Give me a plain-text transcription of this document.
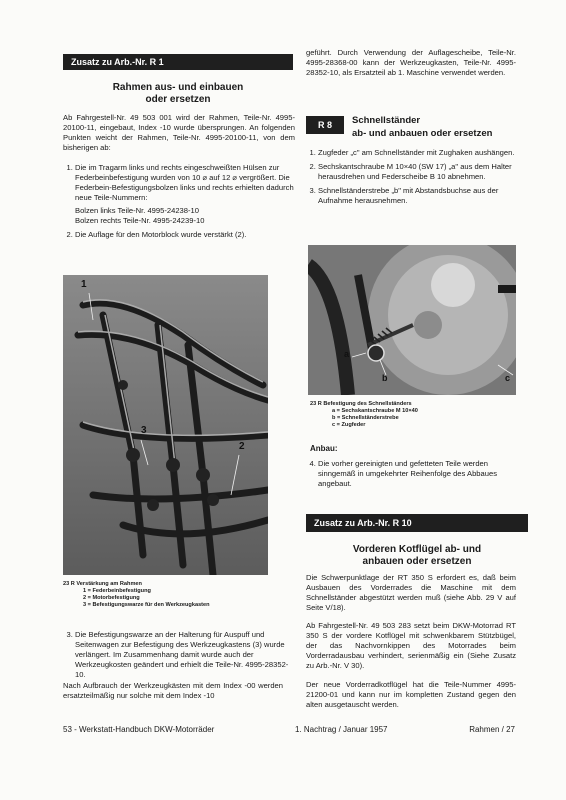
Zusatz zu Arb.-Nr. R 1
Rahmen aus- und einbauen
oder ersetzen

Ab Fahrgestell-Nr. 49 503 001 wird der Rahmen, Teile-Nr. 4995-20100-11, eingebaut, Index -10 wurde übersprungen. An folgenden Punkten weicht der Rahmen, Teile-Nr. 4995-20100-11, von dem bisherigen ab:

1. Die im Tragarm links und rechts eingeschweißten Hülsen zur Federbeinbefestigung wurden von 10 ⌀ auf 12 ⌀ vergrößert. Die Federbein-Befestigungsbolzen links und rechts erhielten dadurch neue Teile-Nummern:
Bolzen links Teile-Nr. 4995-24238-10
Bolzen rechts Teile-Nr. 4995-24239-10
2. Die Auflage für den Motorblock wurde verstärkt (2).
1
2
3
23 R Verstärkung am Rahmen
1 = Federbeinbefestigung
2 = Motorbefestigung
3 = Befestigungswarze für den Werkzeugkasten
3. Die Befestigungswarze an der Halterung für Auspuff und Seitenwagen zur Befestigung des Werkzeugkastens (3) wurde verlängert. Im Zusammenhang damit wurde auch der Werkzeugkosten geändert und erhielt die Teile-Nr. 4995-28352-10.

Nach Aufbrauch der Werkzeugkästen mit dem Index -00 werden ersatzteilmäßig nur solche mit dem Index -10

geführt. Durch Verwendung der Auflagescheibe, Teile-Nr. 4995-28368-00 kann der Werkzeugkasten, Teile-Nr. 4995-28352-10, als Ersatzteil ab 1. Maschine verwendet werden.

R 8	Schnellständer
ab- und anbauen oder ersetzen
1. Zugfeder „c" am Schnellständer mit Zughaken aushängen.
2. Sechskantschraube M 10×40 (SW 17) „a" aus dem Halter herausdrehen und Federscheibe B 10 abnehmen.
3. Schnellständerstrebe „b" mit Abstandsbuchse aus der Aufnahme herausnehmen.
a
b	c
23 R Befestigung des Schnellständers
a = Sechskantschraube M 10×40
b = Schnellständerstrebe
c = Zugfeder
Anbau:
4. Die vorher gereinigten und gefetteten Teile werden sinngemäß in umgekehrter Reihenfolge des Abbaues angebaut.
Zusatz zu Arb.-Nr. R 10
Vorderen Kotflügel ab- und
anbauen oder ersetzen

Die Schwerpunktlage der RT 350 S erfordert es, daß beim Ausbauen des Vorderrades die Maschine mit dem Schnellständer abgestützt werden muß (siehe Abb. 29 V auf Seite V/18).

Ab Fahrgestell-Nr. 49 503 283 setzt beim DKW-Motorrad RT 350 S der vordere Kotflügel mit schwenkbarem Stützbügel, der das Nachvornkippen des Motorrades beim Vorderradausbau verhindert, serienmäßig ein (Siehe Zusatz zu Arb.-Nr. V 30).

Der neue Vorderradkotflügel hat die Teile-Nummer 4995-21200-01 und kann nur im kompletten Zustand gegen den alten ausgetauscht werden.

53 - Werkstatt-Handbuch DKW-Motorräder	1. Nachtrag / Januar 1957	Rahmen / 27
